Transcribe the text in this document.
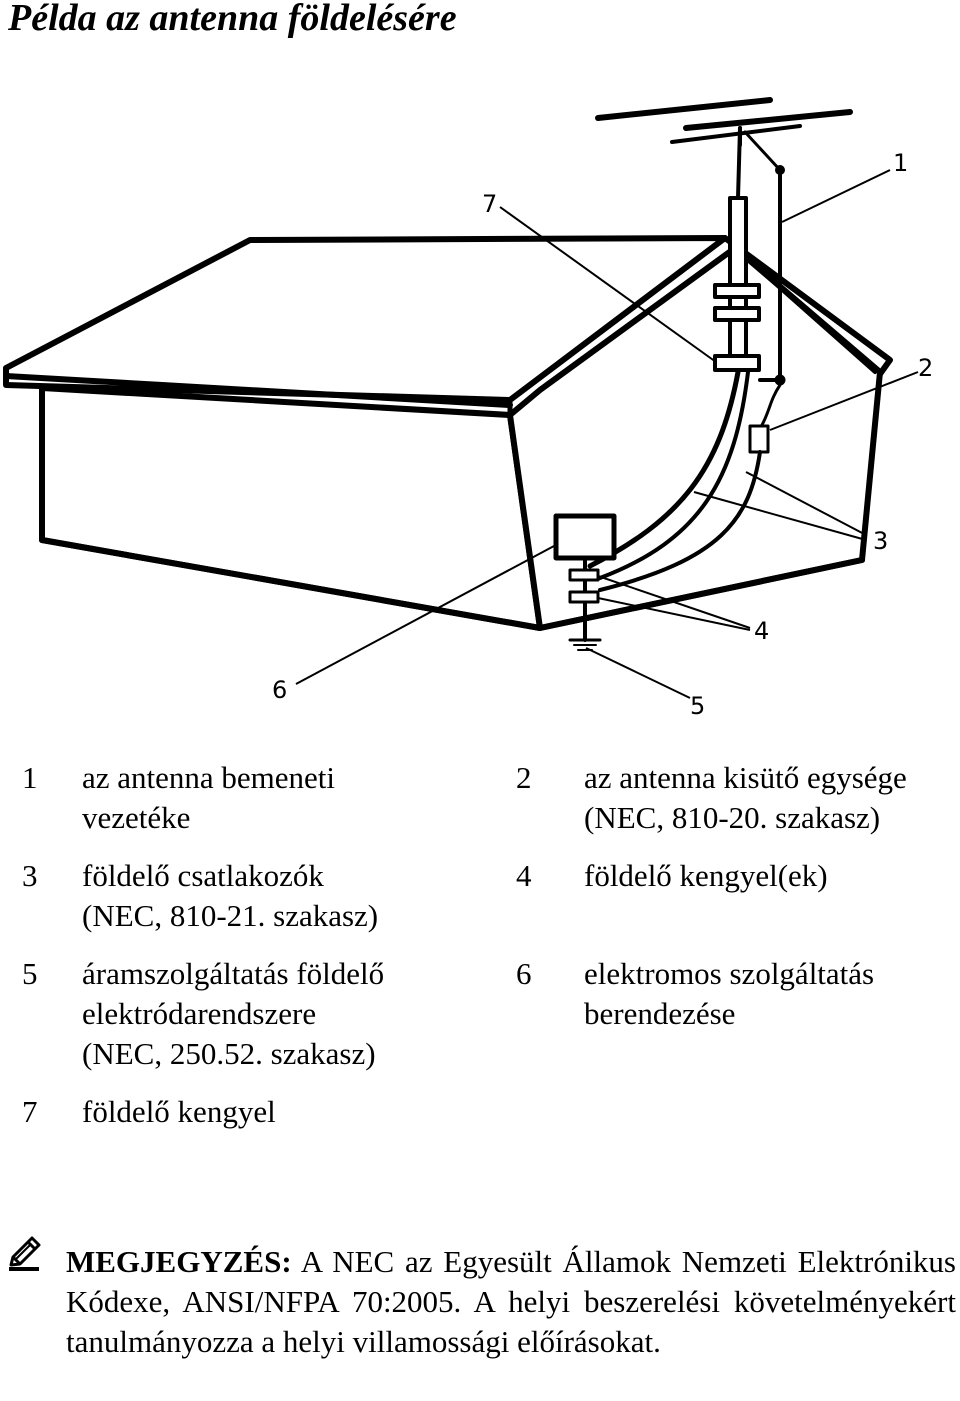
Példa az antenna földelésére
1
2
3
4
5
6
7
1 az antenna bemeneti
vezetéke
2 az antenna kisütő egysége
(NEC, 810-20. szakasz)
3 földelő csatlakozók
(NEC, 810-21. szakasz)
4 földelő kengyel(ek)
5 áramszolgáltatás földelő
elektródarendszere
(NEC, 250.52. szakasz)
6 elektromos szolgáltatás
berendezése
7 földelő kengyel
MEGJEGYZÉS: A NEC az Egyesült Államok Nemzeti Elektrónikus Kódexe, ANSI/NFPA 70:2005. A helyi beszerelési követelményekért tanulmányozza a helyi villamossági előírásokat.
